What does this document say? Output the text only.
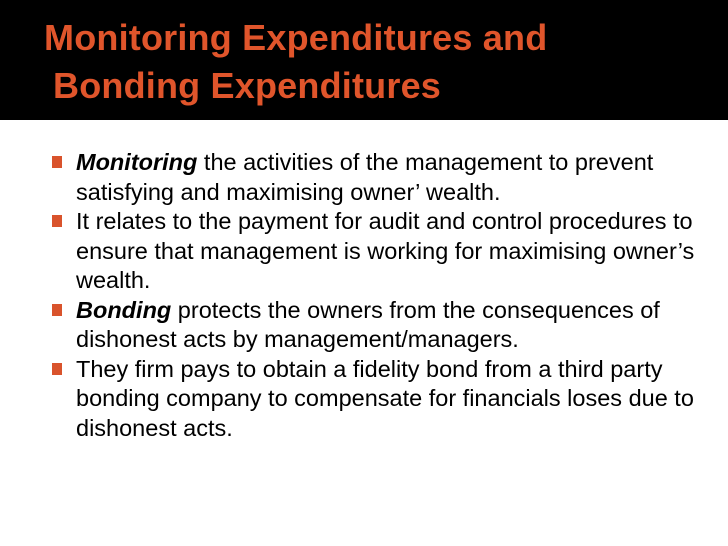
Monitoring Expenditures and
Bonding Expenditures
Monitoring the activities of the management to prevent satisfying and maximising owner’ wealth.
It relates to the payment for audit and control procedures to ensure that management is working for maximising owner’s wealth.
Bonding protects the owners from the consequences of dishonest acts by management/managers.
They firm pays to obtain a fidelity bond from a third party bonding company to compensate for financials loses due to dishonest acts.
